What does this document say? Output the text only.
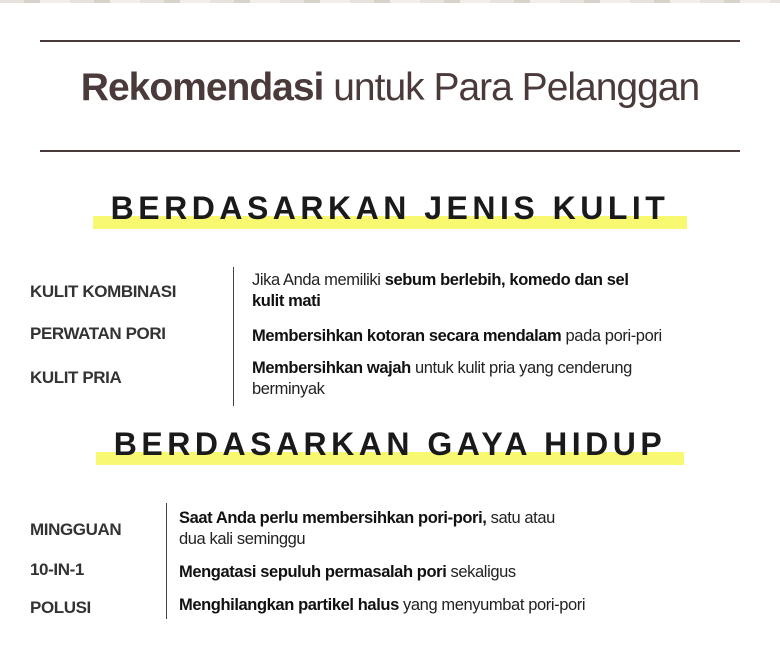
Rekomendasi untuk Para Pelanggan
BERDASARKAN JENIS KULIT
KULIT KOMBINASI
PERWATAN PORI
KULIT PRIA
Jika Anda memiliki sebum berlebih, komedo dan sel
kulit mati
Membersihkan kotoran secara mendalam pada pori-pori
Membersihkan wajah untuk kulit pria yang cenderung
berminyak
BERDASARKAN GAYA HIDUP
MINGGUAN
10-IN-1
POLUSI
Saat Anda perlu membersihkan pori-pori, satu atau
dua kali seminggu
Mengatasi sepuluh permasalah pori sekaligus
Menghilangkan partikel halus yang menyumbat pori-pori
